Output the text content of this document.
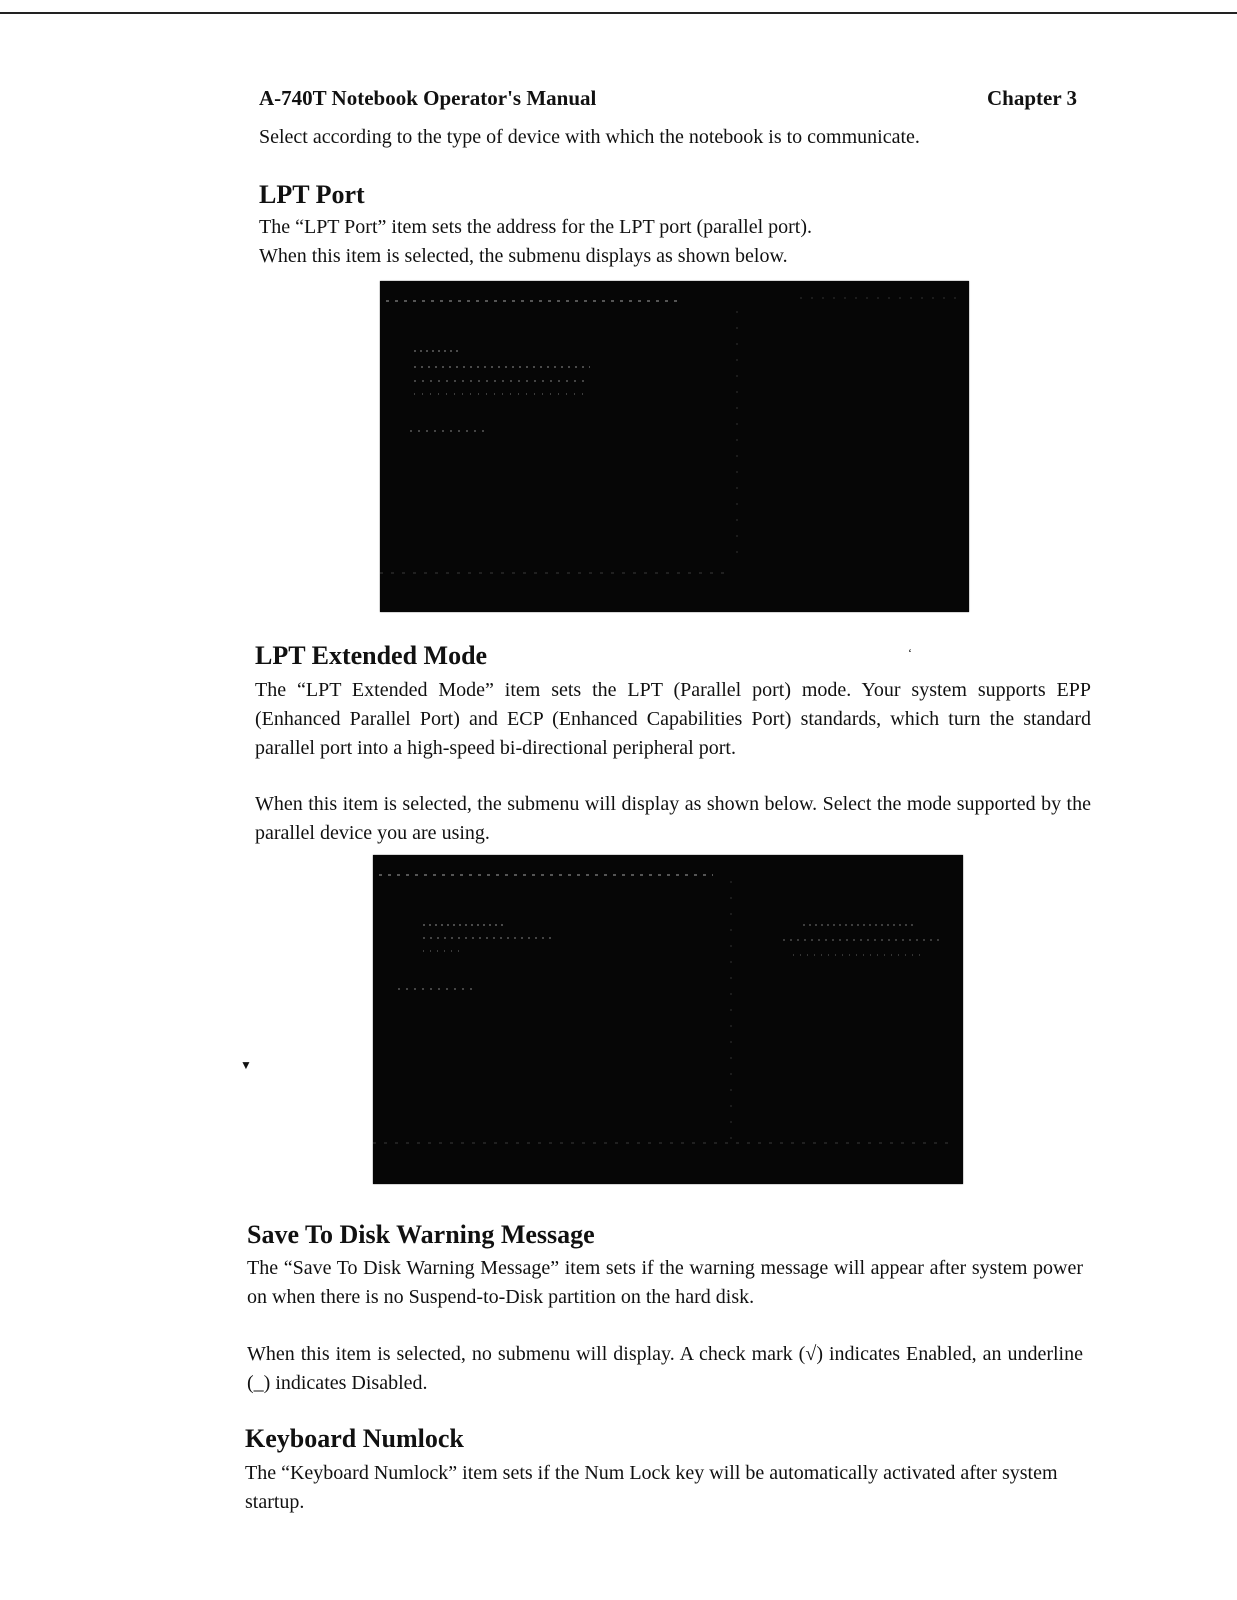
A-740T Notebook Operator's Manual	Chapter 3

Select according to the type of device with which the notebook is to communicate.

LPT Port

The “LPT Port” item sets the address for the LPT port (parallel port).

When this item is selected, the submenu displays as shown below.

LPT Extended Mode	‘

The “LPT Extended Mode” item sets the LPT (Parallel port) mode. Your system supports EPP (Enhanced Parallel Port) and ECP (Enhanced Capabilities Port) standards, which turn the standard parallel port into a high-speed bi-directional peripheral port.

When this item is selected, the submenu will display as shown below. Select the mode supported by the parallel device you are using.

▼
Save To Disk Warning Message

The “Save To Disk Warning Message” item sets if the warning message will appear after system power on when there is no Suspend-to-Disk partition on the hard disk.

When this item is selected, no submenu will display. A check mark (√) indicates Enabled, an underline (_) indicates Disabled.

Keyboard Numlock

The “Keyboard Numlock” item sets if the Num Lock key will be automatically activated after system startup.
